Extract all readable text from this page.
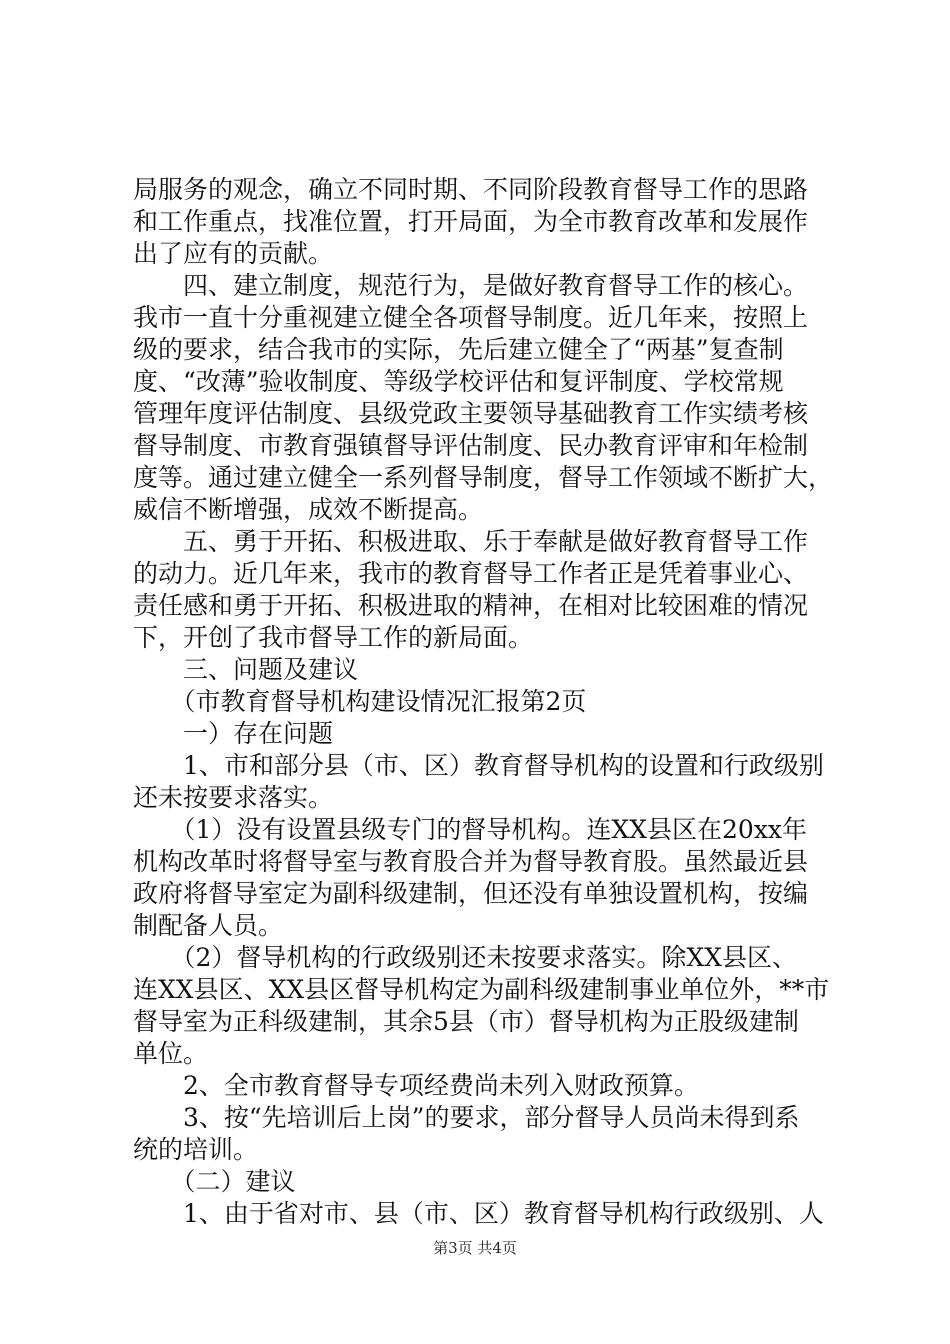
局服务的观念，确立不同时期、不同阶段教育督导工作的思路
和工作重点，找准位置，打开局面，为全市教育改革和发展作
出了应有的贡献。
　　四、建立制度，规范行为，是做好教育督导工作的核心。
我市一直十分重视建立健全各项督导制度。近几年来，按照上
级的要求，结合我市的实际，先后建立健全了“两基”复查制
度、“改薄”验收制度、等级学校评估和复评制度、学校常规
管理年度评估制度、县级党政主要领导基础教育工作实绩考核
督导制度、市教育强镇督导评估制度、民办教育评审和年检制
度等。通过建立健全一系列督导制度，督导工作领域不断扩大，
威信不断增强，成效不断提高。
　　五、勇于开拓、积极进取、乐于奉献是做好教育督导工作
的动力。近几年来，我市的教育督导工作者正是凭着事业心、
责任感和勇于开拓、积极进取的精神，在相对比较困难的情况
下，开创了我市督导工作的新局面。
　　三、问题及建议
　　（市教育督导机构建设情况汇报第2页
　　一）存在问题
　　1、市和部分县（市、区）教育督导机构的设置和行政级别
还未按要求落实。
　　（1）没有设置县级专门的督导机构。连XX县区在20xx年
机构改革时将督导室与教育股合并为督导教育股。虽然最近县
政府将督导室定为副科级建制，但还没有单独设置机构，按编
制配备人员。
　　（2）督导机构的行政级别还未按要求落实。除XX县区、
连XX县区、XX县区督导机构定为副科级建制事业单位外，**市
督导室为正科级建制，其余5县（市）督导机构为正股级建制
单位。
　　2、全市教育督导专项经费尚未列入财政预算。
　　3、按“先培训后上岗”的要求，部分督导人员尚未得到系
统的培训。
　　（二）建议
　　1、由于省对市、县（市、区）教育督导机构行政级别、人
第3页 共4页
